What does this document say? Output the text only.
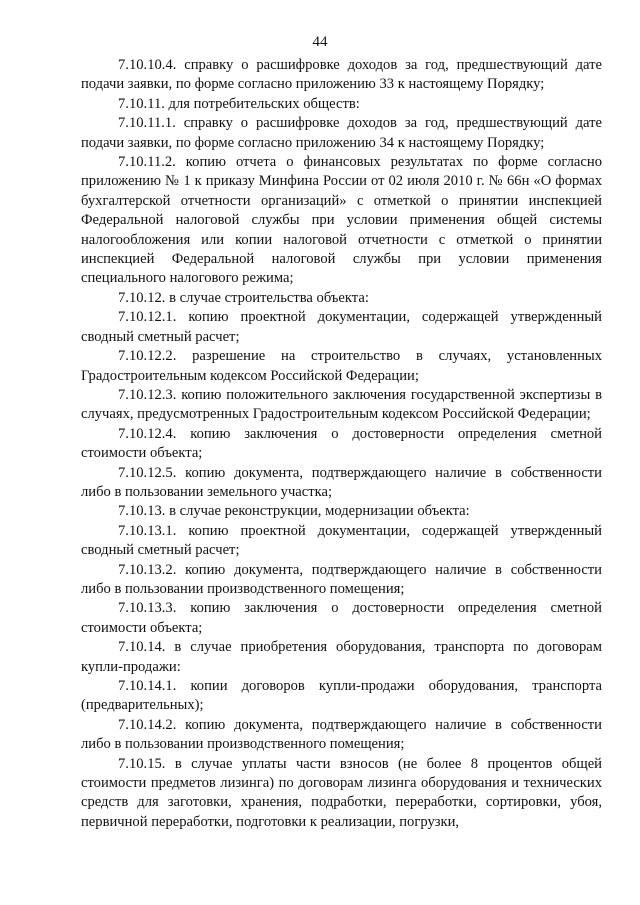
44

7.10.10.4. справку о расшифровке доходов за год, предшествующий дате подачи заявки, по форме согласно приложению 33 к настоящему Порядку;

7.10.11. для потребительских обществ:

7.10.11.1. справку о расшифровке доходов за год, предшествующий дате подачи заявки, по форме согласно приложению 34 к настоящему Порядку;

7.10.11.2. копию отчета о финансовых результатах по форме согласно приложению № 1 к приказу Минфина России от 02 июля 2010 г. № 66н «О формах бухгалтерской отчетности организаций» с отметкой о принятии инспекцией Федеральной налоговой службы при условии применения общей системы налогообложения или копии налоговой отчетности с отметкой о принятии инспекцией Федеральной налоговой службы при условии применения специального налогового режима;

7.10.12. в случае строительства объекта:

7.10.12.1. копию проектной документации, содержащей утвержденный сводный сметный расчет;

7.10.12.2. разрешение на строительство в случаях, установленных Градостроительным кодексом Российской Федерации;

7.10.12.3. копию положительного заключения государственной экспертизы в случаях, предусмотренных Градостроительным кодексом Российской Федерации;

7.10.12.4. копию заключения о достоверности определения сметной стоимости объекта;

7.10.12.5. копию документа, подтверждающего наличие в собственности либо в пользовании земельного участка;

7.10.13. в случае реконструкции, модернизации объекта:

7.10.13.1. копию проектной документации, содержащей утвержденный сводный сметный расчет;

7.10.13.2. копию документа, подтверждающего наличие в собственности либо в пользовании производственного помещения;

7.10.13.3. копию заключения о достоверности определения сметной стоимости объекта;

7.10.14. в случае приобретения оборудования, транспорта по договорам купли-продажи:

7.10.14.1. копии договоров купли-продажи оборудования, транспорта (предварительных);

7.10.14.2. копию документа, подтверждающего наличие в собственности либо в пользовании производственного помещения;

7.10.15. в случае уплаты части взносов (не более 8 процентов общей стоимости предметов лизинга) по договорам лизинга оборудования и технических средств для заготовки, хранения, подработки, переработки, сортировки, убоя, первичной переработки, подготовки к реализации, погрузки,
